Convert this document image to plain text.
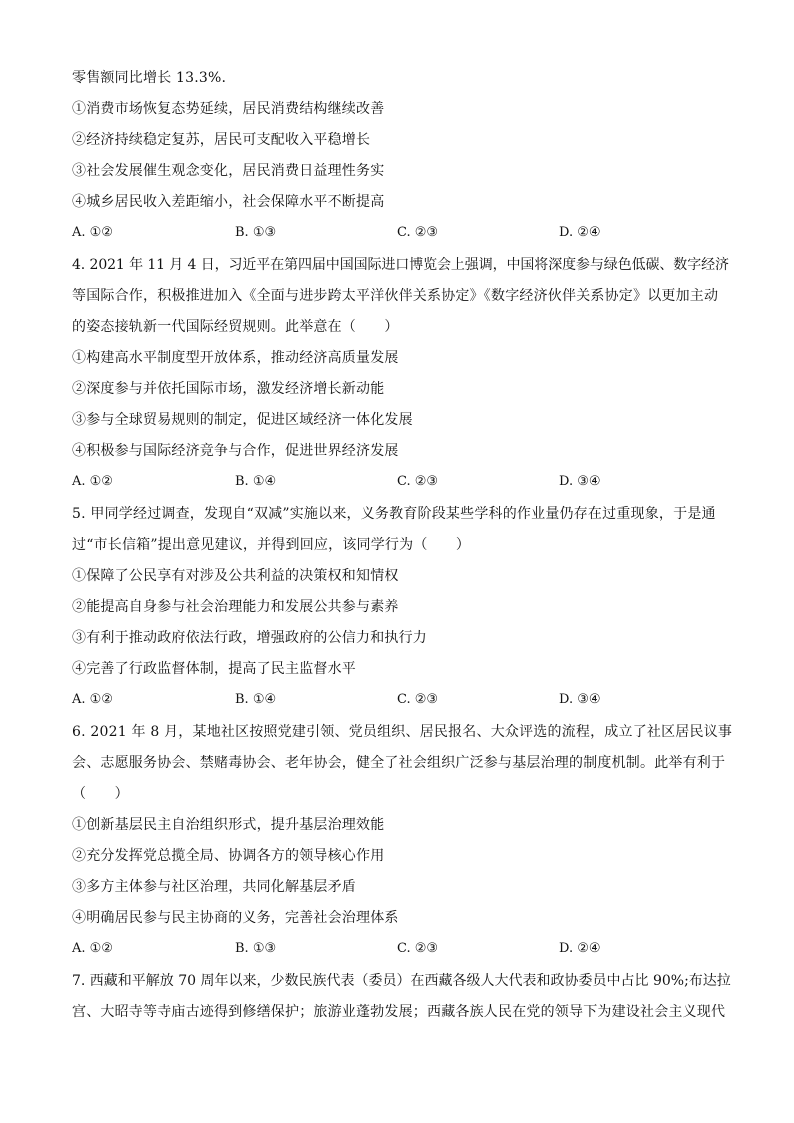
零售额同比增长 13.3%.
①消费市场恢复态势延续，居民消费结构继续改善
②经济持续稳定复苏，居民可支配收入平稳增长
③社会发展催生观念变化，居民消费日益理性务实
④城乡居民收入差距缩小，社会保障水平不断提高
A. ①②	B. ①③	C. ②③	D. ②④
4. 2021 年 11 月 4 日，习近平在第四届中国国际进口博览会上强调，中国将深度参与绿色低碳、数字经济
等国际合作，积极推进加入《全面与进步跨太平洋伙伴关系协定》《数字经济伙伴关系协定》以更加主动
的姿态接轨新一代国际经贸规则。此举意在（　　）
①构建高水平制度型开放体系，推动经济高质量发展
②深度参与并依托国际市场，激发经济增长新动能
③参与全球贸易规则的制定，促进区域经济一体化发展
④积极参与国际经济竞争与合作，促进世界经济发展
A. ①②	B. ①④	C. ②③	D. ③④
5. 甲同学经过调查，发现自“双减”实施以来，义务教育阶段某些学科的作业量仍存在过重现象，于是通
过“市长信箱”提出意见建议，并得到回应，该同学行为（　　）
①保障了公民享有对涉及公共利益的决策权和知情权
②能提高自身参与社会治理能力和发展公共参与素养
③有利于推动政府依法行政，增强政府的公信力和执行力
④完善了行政监督体制，提高了民主监督水平
A. ①②	B. ①④	C. ②③	D. ③④
6. 2021 年 8 月，某地社区按照党建引领、党员组织、居民报名、大众评选的流程，成立了社区居民议事
会、志愿服务协会、禁赌毒协会、老年协会，健全了社会组织广泛参与基层治理的制度机制。此举有利于
（　　）
①创新基层民主自治组织形式，提升基层治理效能
②充分发挥党总揽全局、协调各方的领导核心作用
③多方主体参与社区治理，共同化解基层矛盾
④明确居民参与民主协商的义务，完善社会治理体系
A. ①②	B. ①③	C. ②③	D. ②④
7. 西藏和平解放 70 周年以来，少数民族代表（委员）在西藏各级人大代表和政协委员中占比 90%;布达拉
宫、大昭寺等寺庙古迹得到修缮保护；旅游业蓬勃发展；西藏各族人民在党的领导下为建设社会主义现代
